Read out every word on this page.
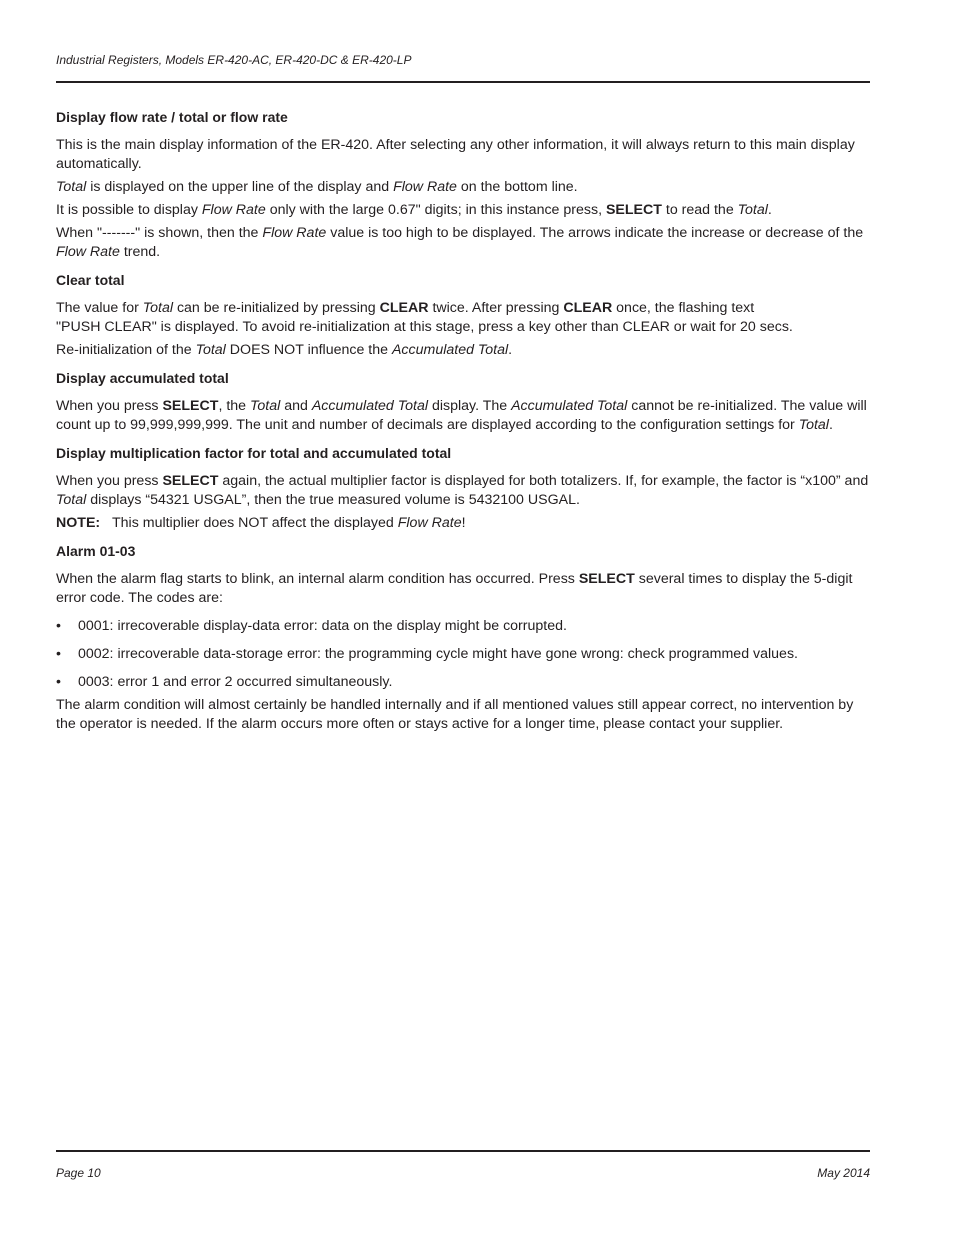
Industrial Registers, Models ER-420-AC, ER-420-DC & ER-420-LP
Display flow rate / total or flow rate

This is the main display information of the ER-420. After selecting any other information, it will always return to this main display automatically.

Total is displayed on the upper line of the display and Flow Rate on the bottom line.

It is possible to display Flow Rate only with the large 0.67" digits; in this instance press, SELECT to read the Total.

When "-------" is shown, then the Flow Rate value is too high to be displayed. The arrows indicate the increase or decrease of the Flow Rate trend.

Clear total

The value for Total can be re-initialized by pressing CLEAR twice. After pressing CLEAR once, the flashing text
"PUSH CLEAR" is displayed. To avoid re-initialization at this stage, press a key other than CLEAR or wait for 20 secs.

Re-initialization of the Total DOES NOT influence the Accumulated Total.

Display accumulated total

When you press SELECT, the Total and Accumulated Total display. The Accumulated Total cannot be re-initialized. The value will count up to 99,999,999,999. The unit and number of decimals are displayed according to the configuration settings for Total.

Display multiplication factor for total and accumulated total

When you press SELECT again, the actual multiplier factor is displayed for both totalizers. If, for example, the factor is “x100” and Total displays “54321 USGAL”, then the true measured volume is 5432100 USGAL.

NOTE: This multiplier does NOT affect the displayed Flow Rate!

Alarm 01-03

When the alarm flag starts to blink, an internal alarm condition has occurred. Press SELECT several times to display the 5-digit error code. The codes are:

•	0001: irrecoverable display-data error: data on the display might be corrupted.
•	0002: irrecoverable data-storage error: the programming cycle might have gone wrong: check programmed values.
•	0003: error 1 and error 2 occurred simultaneously.

The alarm condition will almost certainly be handled internally and if all mentioned values still appear correct, no intervention by the operator is needed. If the alarm occurs more often or stays active for a longer time, please contact your supplier.

Page 10	May 2014
